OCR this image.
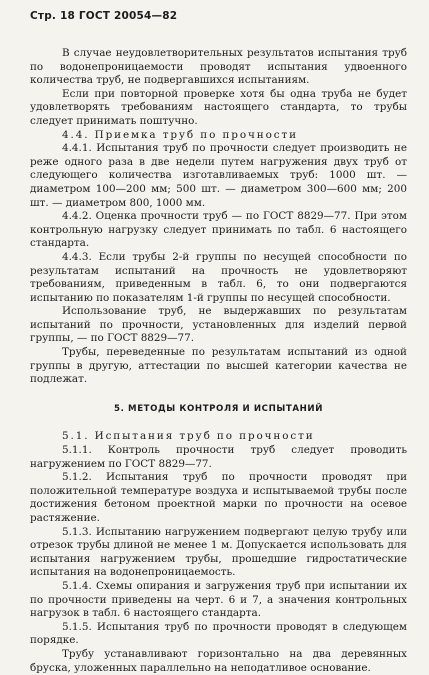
Стр. 18 ГОСТ 20054—82

В случае неудовлетворительных результатов испытания труб по водонепроницаемости проводят испытания удвоенного количества труб, не подвергавшихся испытаниям.

Если при повторной проверке хотя бы одна труба не будет удовлетворять требованиям настоящего стандарта, то трубы следует принимать поштучно.

4.4. Приемка труб по прочности

4.4.1. Испытания труб по прочности следует производить не реже одного раза в две недели путем нагружения двух труб от следующего количества изготавливаемых труб: 1000 шт. — диаметром 100—200 мм; 500 шт. — диаметром 300—600 мм; 200 шт. — диаметром 800, 1000 мм.

4.4.2. Оценка прочности труб — по ГОСТ 8829—77. При этом контрольную нагрузку следует принимать по табл. 6 настоящего стандарта.

4.4.3. Если трубы 2-й группы по несущей способности по результатам испытаний на прочность не удовлетворяют требованиям, приведенным в табл. 6, то они подвергаются испытанию по показателям 1-й группы по несущей способности.

Использование труб, не выдержавших по результатам испытаний по прочности, установленных для изделий первой группы, — по ГОСТ 8829—77.

Трубы, переведенные по результатам испытаний из одной группы в другую, аттестации по высшей категории качества не подлежат.

5. МЕТОДЫ КОНТРОЛЯ И ИСПЫТАНИЙ

5.1. Испытания труб по прочности

5.1.1. Контроль прочности труб следует проводить нагружением по ГОСТ 8829—77.

5.1.2. Испытания труб по прочности проводят при положительной температуре воздуха и испытываемой трубы после достижения бетоном проектной марки по прочности на осевое растяжение.

5.1.3. Испытанию нагружением подвергают целую трубу или отрезок трубы длиной не менее 1 м. Допускается использовать для испытания нагружением трубы, прошедшие гидростатические испытания на водонепроницаемость.

5.1.4. Схемы опирания и загружения труб при испытании их по прочности приведены на черт. 6 и 7, а значения контрольных нагрузок в табл. 6 настоящего стандарта.

5.1.5. Испытания труб по прочности проводят в следующем порядке.

Трубу устанавливают горизонтально на два деревянных бруска, уложенных параллельно на неподатливое основание.
